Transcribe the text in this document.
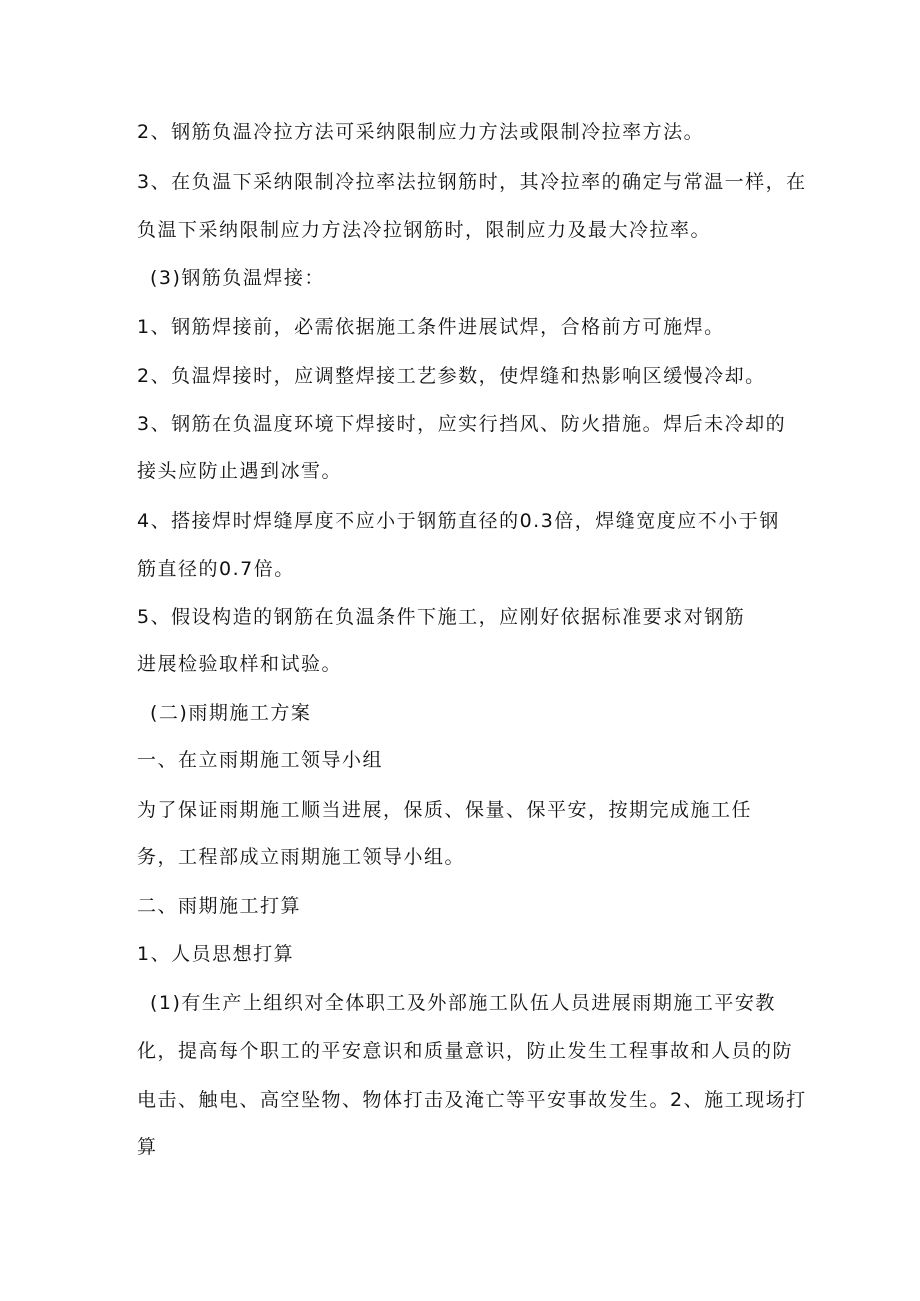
2、钢筋负温冷拉方法可采纳限制应力方法或限制冷拉率方法。
3、在负温下采纳限制冷拉率法拉钢筋时，其冷拉率的确定与常温一样，在
负温下采纳限制应力方法冷拉钢筋时，限制应力及最大冷拉率。
(3)钢筋负温焊接：
1、钢筋焊接前，必需依据施工条件进展试焊，合格前方可施焊。
2、负温焊接时，应调整焊接工艺参数，使焊缝和热影响区缓慢冷却。
3、钢筋在负温度环境下焊接时，应实行挡风、防火措施。焊后未冷却的
接头应防止遇到冰雪。
4、搭接焊时焊缝厚度不应小于钢筋直径的0.3倍，焊缝宽度应不小于钢
筋直径的0.7倍。
5、假设构造的钢筋在负温条件下施工，应刚好依据标准要求对钢筋
进展检验取样和试验。
(二)雨期施工方案
一、在立雨期施工领导小组
为了保证雨期施工顺当进展，保质、保量、保平安，按期完成施工任
务，工程部成立雨期施工领导小组。
二、雨期施工打算
1、人员思想打算
(1)有生产上组织对全体职工及外部施工队伍人员进展雨期施工平安教
化，提高每个职工的平安意识和质量意识，防止发生工程事故和人员的防
电击、触电、高空坠物、物体打击及淹亡等平安事故发生。2、施工现场打
算
